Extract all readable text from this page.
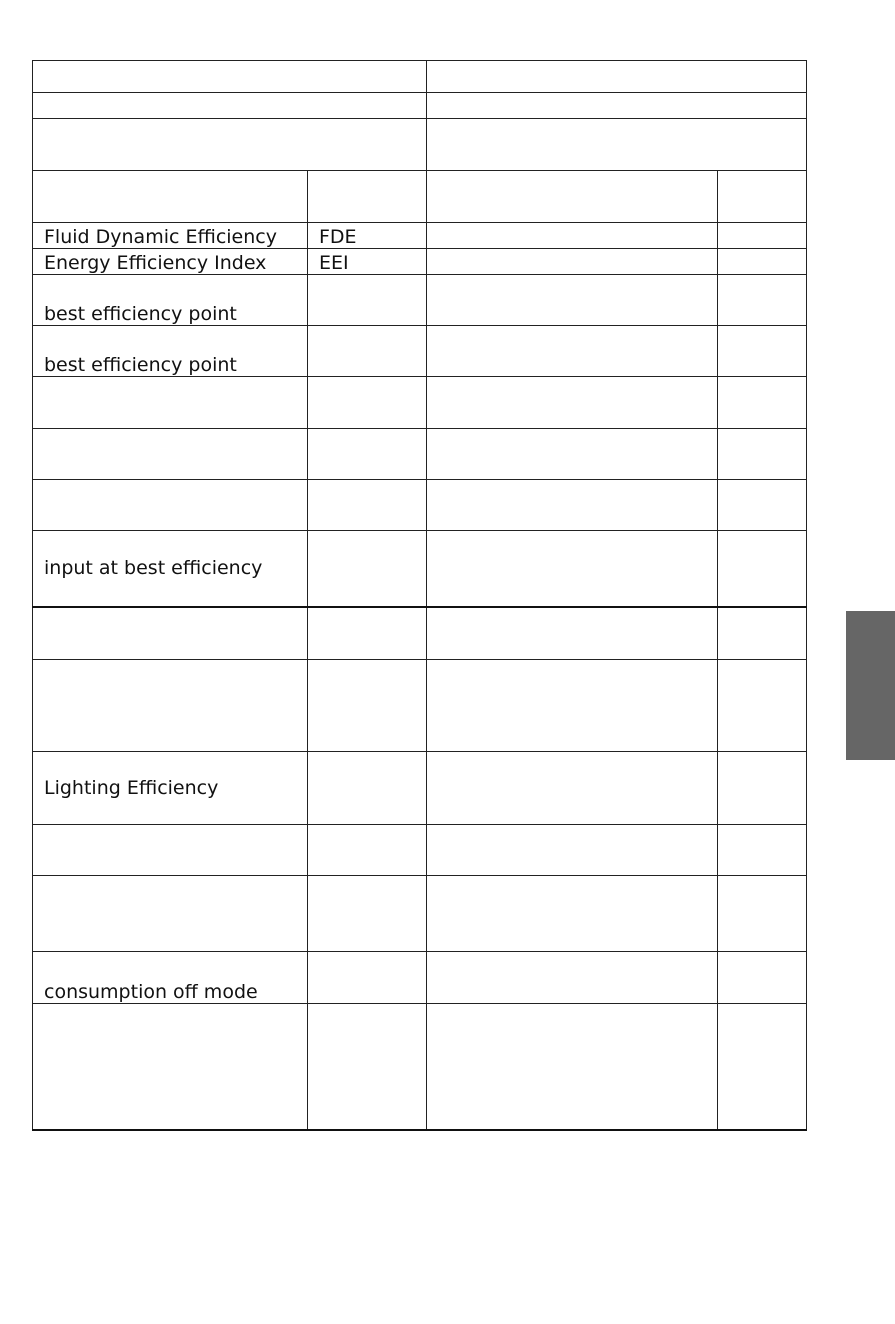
Fluid Dynamic Efficiency	FDE		
Energy Efficiency Index	EEI		
best efficiency point			
best efficiency point			

input at best efficiency			

Lighting Efficiency			

consumption off mode			
